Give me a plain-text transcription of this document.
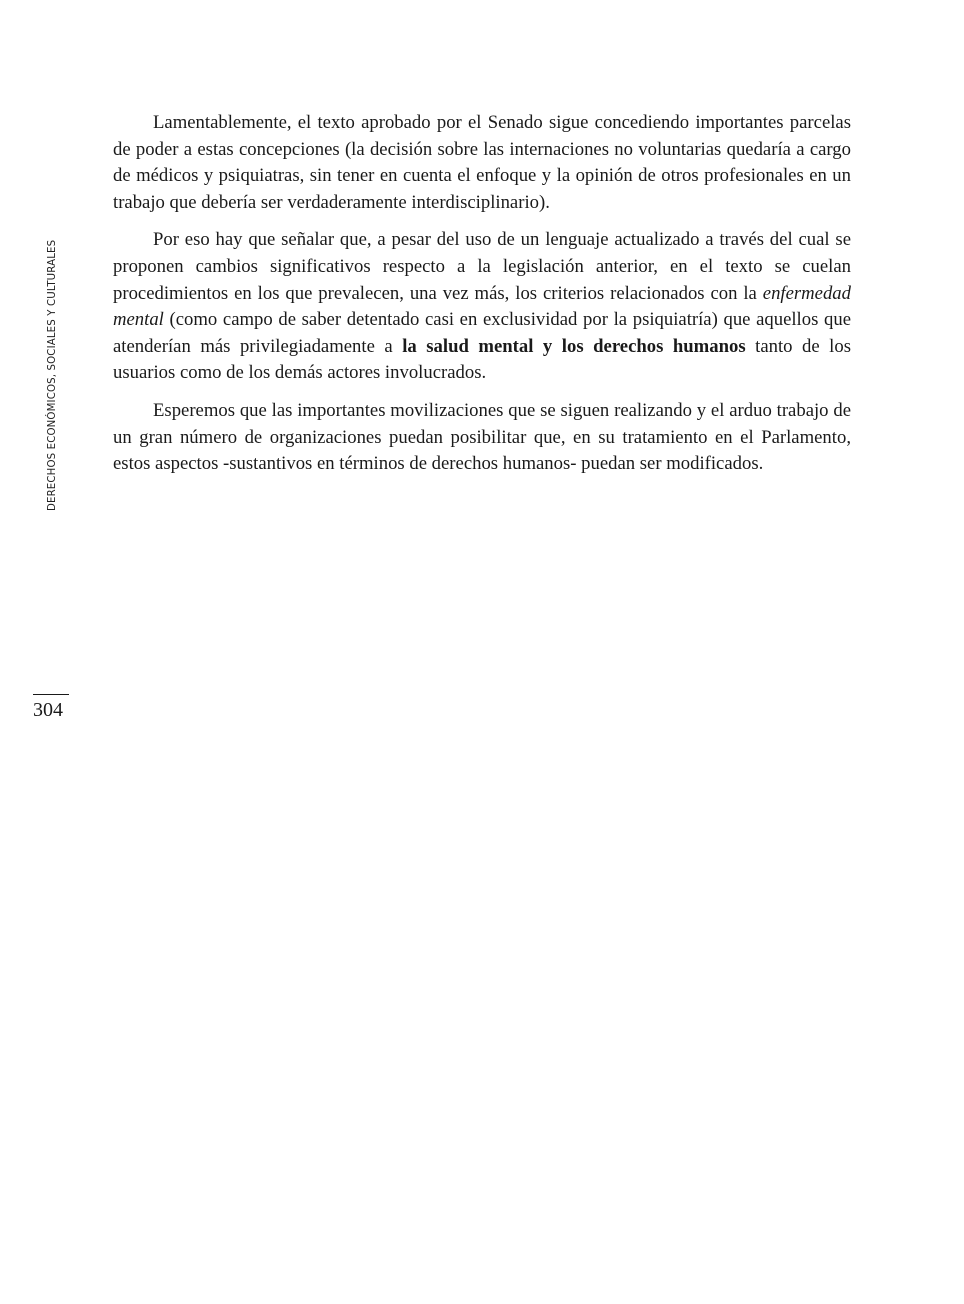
DERECHOS ECONÓMICOS, SOCIALES Y CULTURALES

Lamentablemente, el texto aprobado por el Senado sigue concediendo importantes parcelas de poder a estas concepciones (la decisión sobre las internaciones no voluntarias quedaría a cargo de médicos y psiquiatras, sin tener en cuenta el enfoque y la opinión de otros profesionales en un trabajo que debería ser verdaderamente interdisciplinario).

Por eso hay que señalar que, a pesar del uso de un lenguaje actualizado a través del cual se proponen cambios significativos respecto a la legislación anterior, en el texto se cuelan procedimientos en los que prevalecen, una vez más, los criterios relacionados con la enfermedad mental (como campo de saber detentado casi en exclusividad por la psiquiatría) que aquellos que atenderían más privilegiadamente a la salud mental y los derechos humanos tanto de los usuarios como de los demás actores involucrados.

Esperemos que las importantes movilizaciones que se siguen realizando y el arduo trabajo de un gran número de organizaciones puedan posibilitar que, en su tratamiento en el Parlamento, estos aspectos -sustantivos en términos de derechos humanos- puedan ser modificados.

304
